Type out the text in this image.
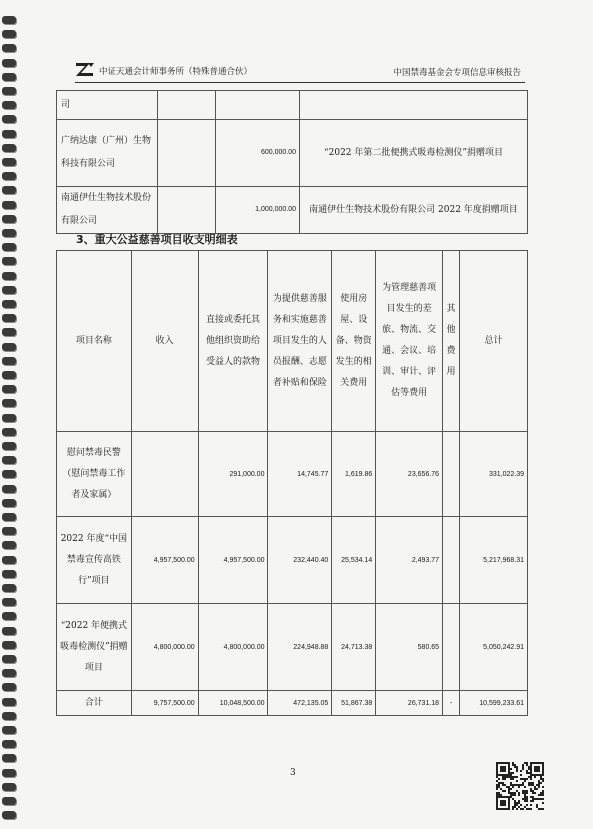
中证天通会计师事务所（特殊普通合伙）	中国禁毒基金会专项信息审核报告
司			
广纳达康（广州）生物科技有限公司		600,000.00	“2022 年第二批便携式吸毒检测仪”捐赠项目
南通伊仕生物技术股份有限公司		1,000,000.00	南通伊仕生物技术股份有限公司 2022 年度捐赠项目
3、重大公益慈善项目收支明细表
项目名称	收入	直接或委托其他组织资助给受益人的款物	为提供慈善服务和实施慈善项目发生的人员报酬、志愿者补贴和保险	使用房屋、设备、物资发生的相关费用	为管理慈善项目发生的差旅、物流、交通、会议、培训、审计、评估等费用	其他费用	总计
慰问禁毒民警（慰问禁毒工作者及家属）		291,000.00	14,745.77	1,619.86	23,656.76		331,022.39
2022 年度“中国禁毒宣传高铁行”项目	4,957,500.00	4,957,500.00	232,440.40	25,534.14	2,493.77		5,217,968.31
“2022 年便携式吸毒检测仪”捐赠项目	4,800,000.00	4,800,000.00	224,948.88	24,713.38	580.65		5,050,242.91
合计	9,757,500.00	10,048,500.00	472,135.05	51,867.38	26,731.18	-	10,599,233.61
3
